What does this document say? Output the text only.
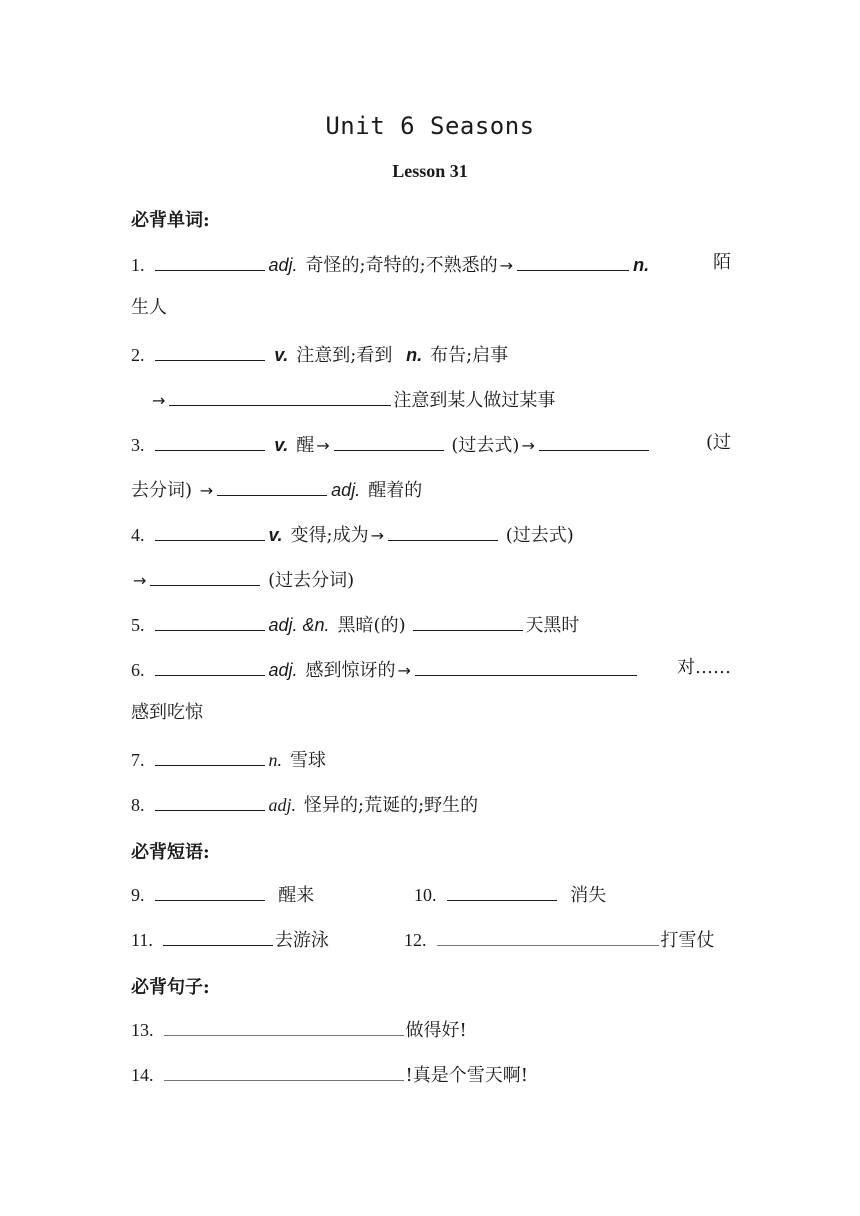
Unit 6 Seasons
Lesson 31
必背单词:
1.	adj. 奇怪的;奇特的;不熟悉的 →	n.	陌
生人
2.	v. 注意到;看到 n. 布告;启事
→	注意到某人做过某事
3.	v. 醒 →	(过去式) →	(过
去分词) →	adj. 醒着的
4.	v. 变得;成为 →	(过去式)
→	(过去分词)
5.	adj. &n. 黑暗(的)	天黑时
6.	adj. 感到惊讶的 →	对……
感到吃惊
7.	n. 雪球
8.	adj. 怪异的;荒诞的;野生的
必背短语:
9.	醒来	10.	消失
11.	去游泳	12.	打雪仗
必背句子:
13.	做得好!
14.	!真是个雪天啊!
